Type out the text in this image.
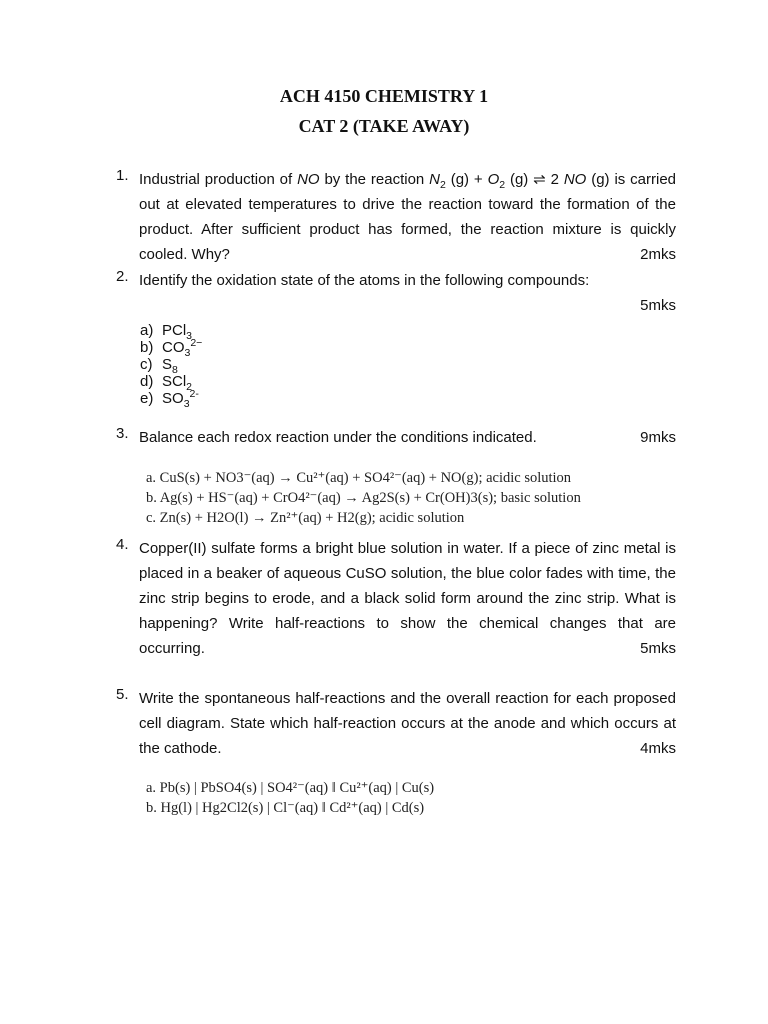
ACH 4150 CHEMISTRY 1
CAT 2 (TAKE AWAY)
1. Industrial production of NO by the reaction $N_2$ $(g) + O_2$ (g) ⇌ 2 NO (g) is carried out at elevated temperatures to drive the reaction toward the formation of the product. After sufficient product has formed, the reaction mixture is quickly cooled. Why?	2mks
2. Identify the oxidation state of the atoms in the following compounds:

5mks
a) PCl$_3$
b) $CO_3^{2-}$
c) $S_8$
d) SCl$_2$
e) $SO_3^{2-}$
3. Balance each redox reaction under the conditions indicated.	9mks
a. CuS(s) + NO3⁻(aq) → Cu²⁺(aq) + SO4²⁻(aq) + NO(g); acidic solution
b. Ag(s) + HS⁻(aq) + CrO4²⁻(aq) → Ag2S(s) + Cr(OH)3(s); basic solution
c. Zn(s) + H2O(l) → Zn²⁺(aq) + H2(g); acidic solution
4. Copper(II) sulfate forms a bright blue solution in water. If a piece of zinc metal is placed in a beaker of aqueous CuSO solution, the blue color fades with time, the zinc strip begins to erode, and a black solid form around the zinc strip. What is happening? Write half-reactions to show the chemical changes that are occurring.	5mks
5. Write the spontaneous half-reactions and the overall reaction for each proposed cell diagram. State which half-reaction occurs at the anode and which occurs at the cathode.	4mks
a. Pb(s) | PbSO4(s) | SO4²⁻(aq) ‖ Cu²⁺(aq) | Cu(s)
b. Hg(l) | Hg2Cl2(s) | Cl⁻(aq) ‖ Cd²⁺(aq) | Cd(s)
